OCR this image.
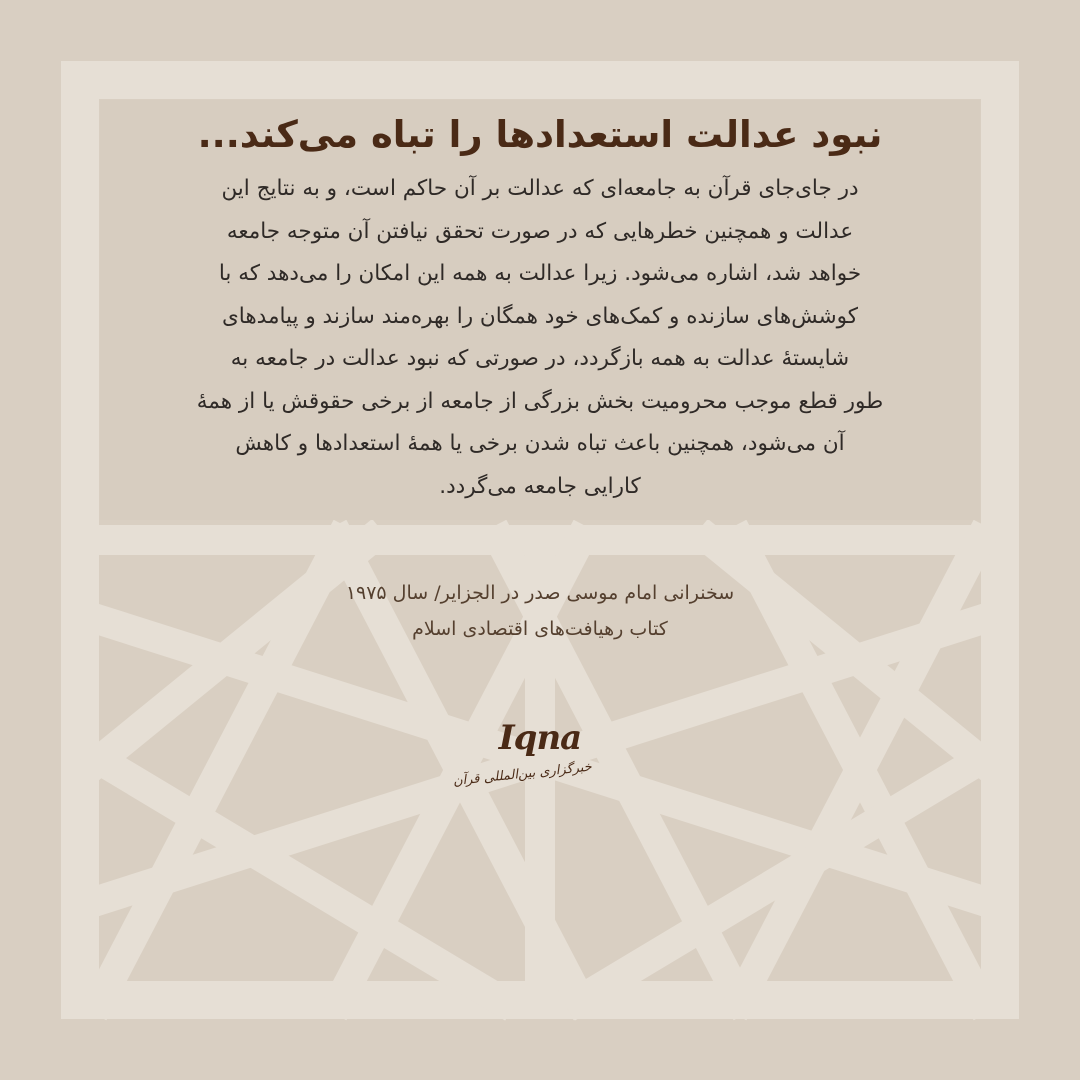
نبود عدالت استعدادها را تباه می‌کند...
در جای‌جای قرآن به جامعه‌ای که عدالت بر آن حاکم است، و به نتایج این
عدالت و همچنین خطرهایی که در صورت تحقق نیافتن آن متوجه جامعه
خواهد شد، اشاره می‌شود. زیرا عدالت به همه این امکان را می‌دهد که با
کوشش‌های سازنده و کمک‌های خود همگان را بهره‌مند سازند و پیامدهای
شایستهٔ عدالت به همه بازگردد، در صورتی که نبود عدالت در جامعه به
طور قطع موجب محرومیت بخش بزرگی از جامعه از برخی حقوقش یا از همهٔ
آن می‌شود، همچنین باعث تباه شدن برخی یا همهٔ استعدادها و کاهش
کارایی جامعه می‌گردد.
سخنرانی امام موسی صدر در الجزایر/ سال ۱۹۷۵
کتاب رهیافت‌های اقتصادی اسلام
Iqna
خبرگزاری بین‌المللی قرآن
